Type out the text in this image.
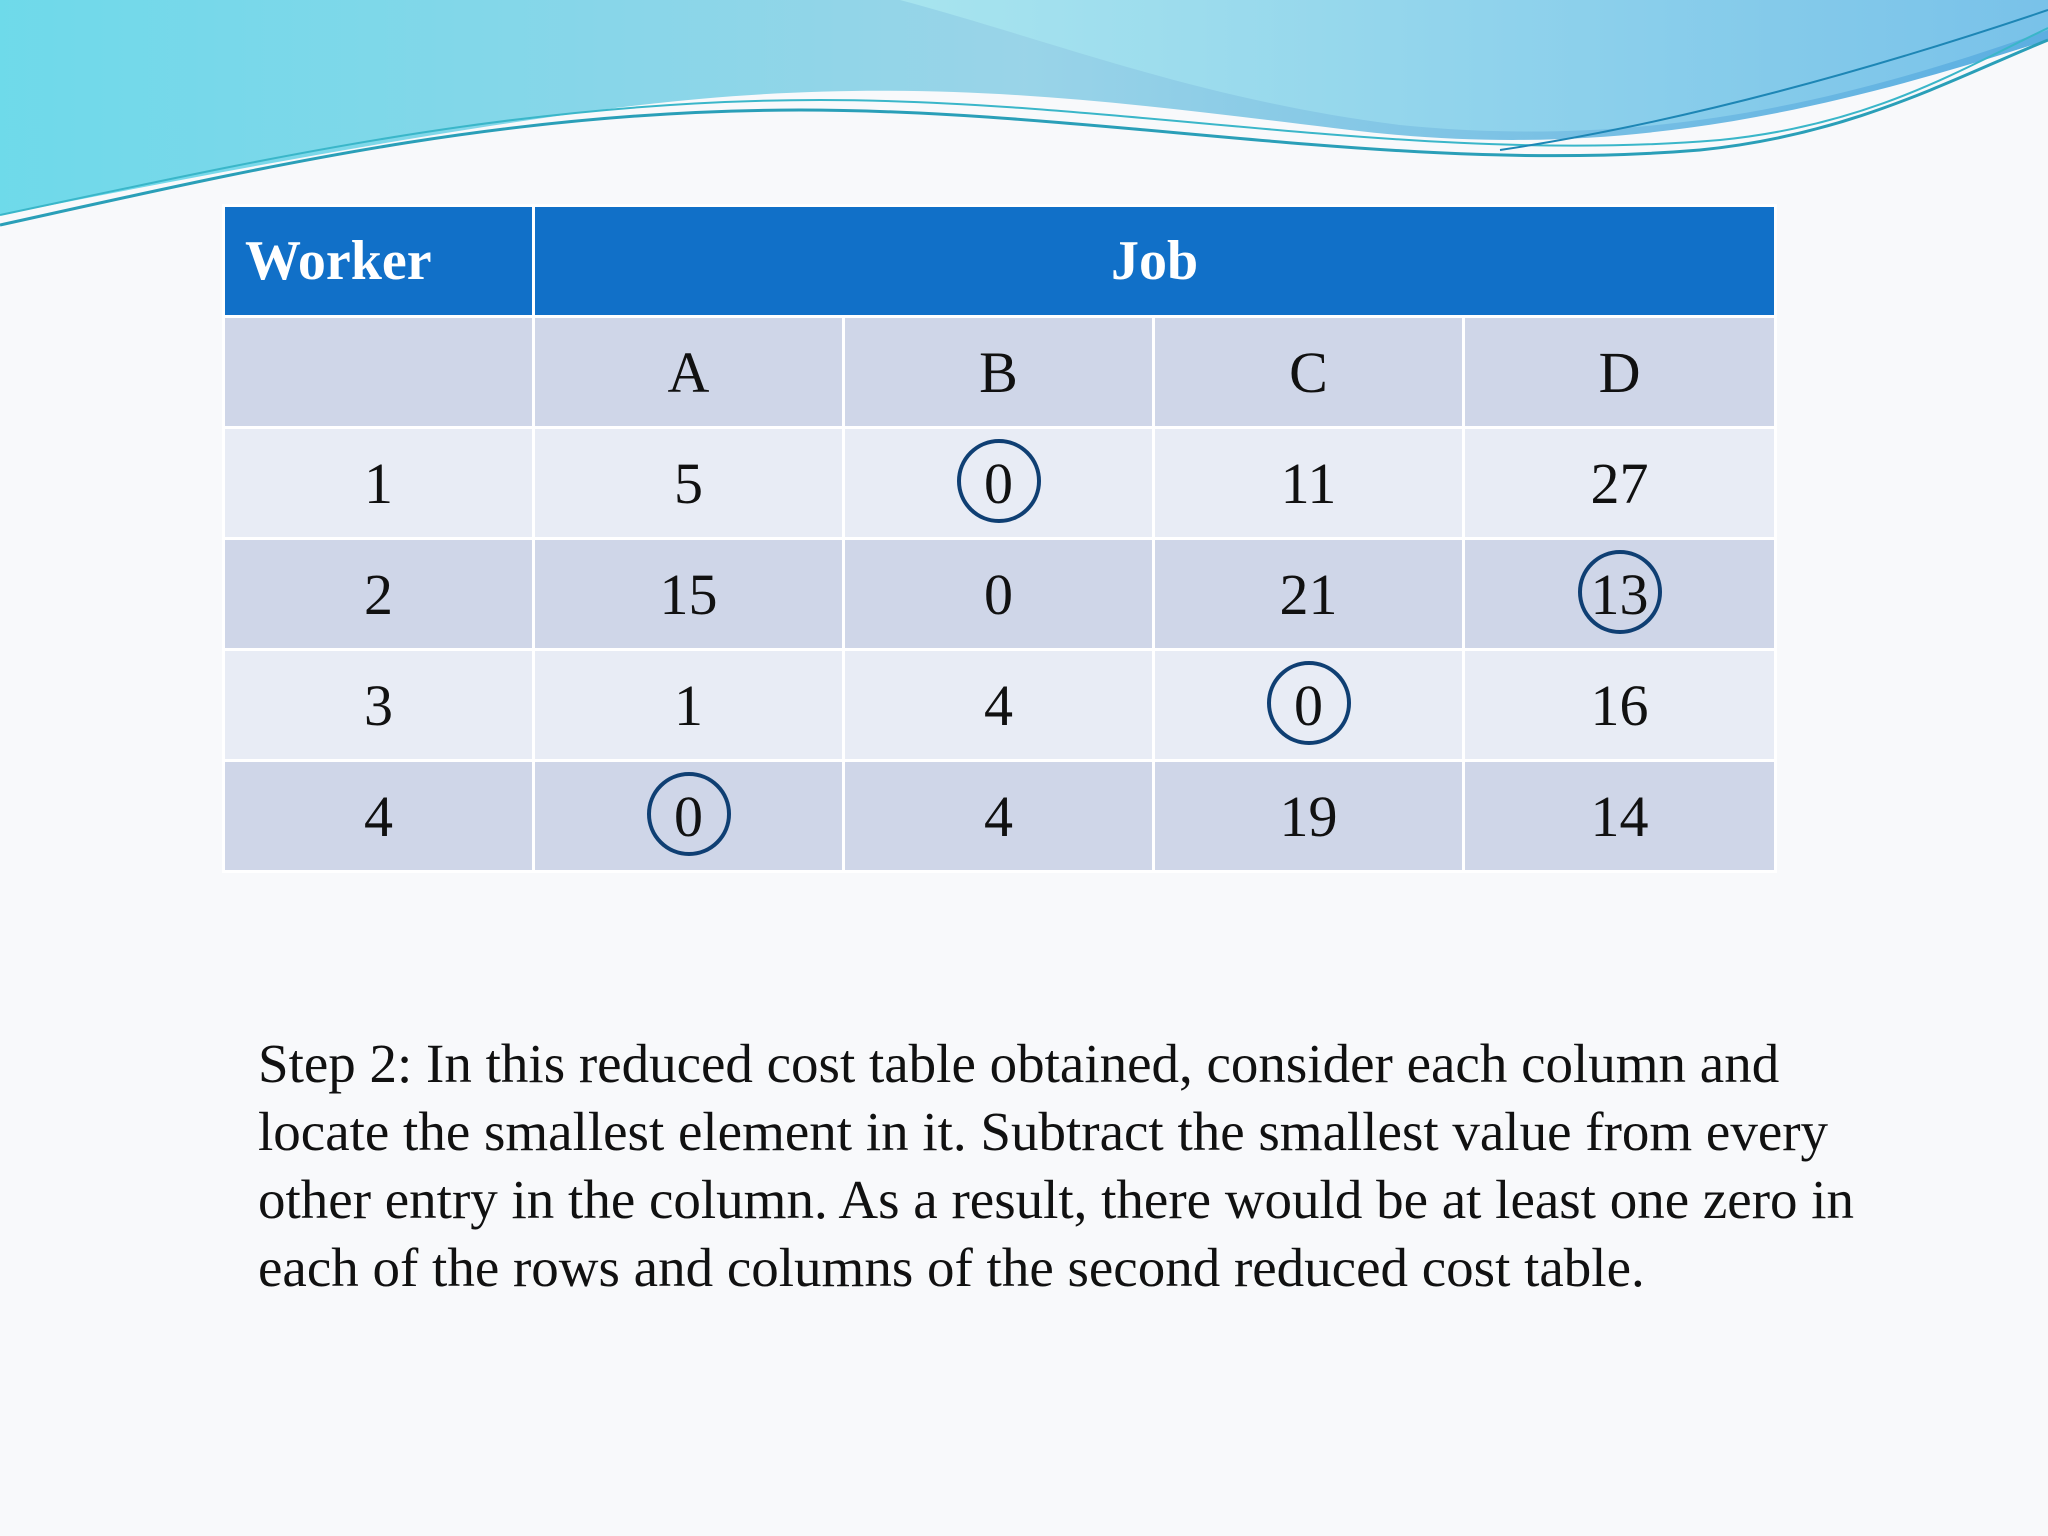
Worker	Job			
	A	B	C	D
1	5	0	11	27
2	15	0	21	13

3	1	4	0	16
4	0	4	19	14

Step 2: In this reduced cost table obtained, consider each column and locate the smallest element in it. Subtract the smallest value from every other entry in the column. As a result, there would be at least one zero in each of the rows and columns of the second reduced cost table.
